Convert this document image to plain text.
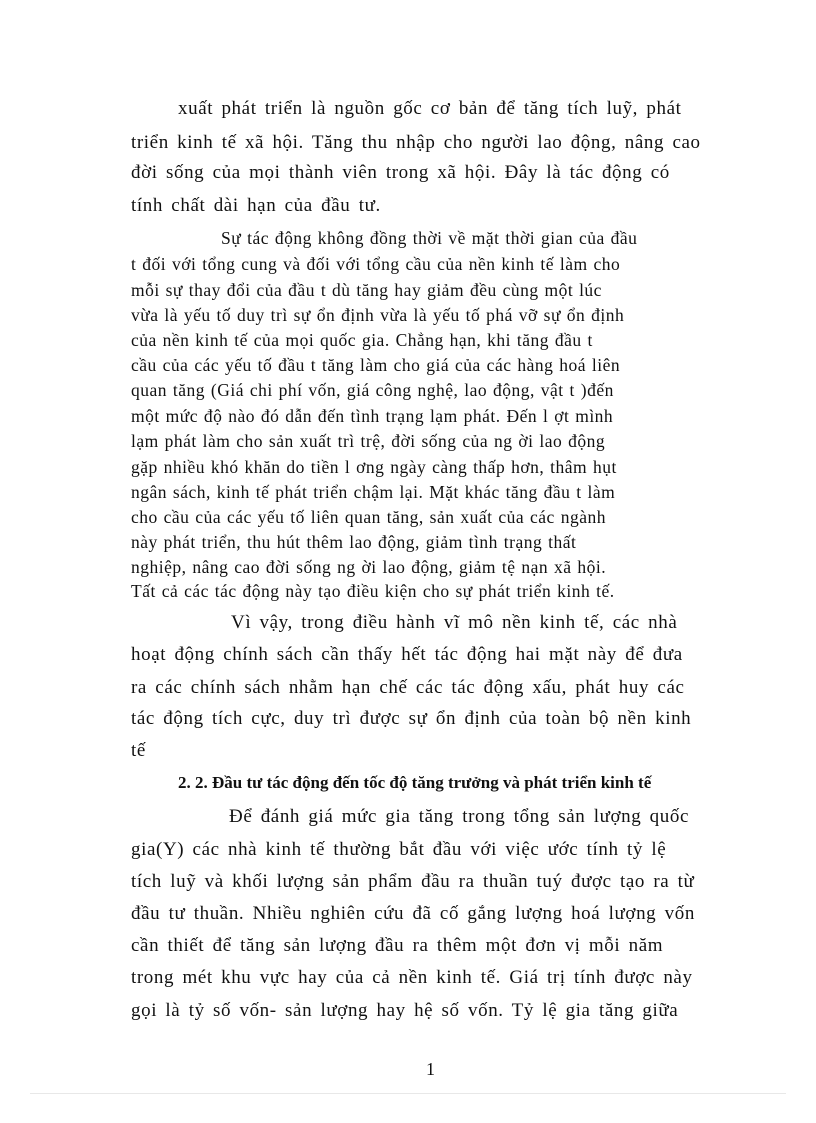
xuất phát triển là nguồn gốc cơ bản để tăng tích luỹ, phát
triển kinh tế xã hội. Tăng thu nhập cho người lao động, nâng cao
đời sống của mọi thành viên trong xã hội. Đây là tác động có
tính chất dài hạn của đầu tư.
Sự tác động không đồng thời về mặt thời gian của đầu
t đối với tổng cung và đối với tổng cầu của nền kinh tế làm cho
mỗi sự thay đổi của đầu t dù tăng hay giảm đều cùng một lúc
vừa là yếu tố duy trì sự ổn định vừa là yếu tố phá vỡ sự ổn định
của nền kinh tế của mọi quốc gia. Chẳng hạn, khi tăng đầu t
cầu của các yếu tố đầu t tăng làm cho giá của các hàng hoá liên
quan tăng (Giá chi phí vốn, giá công nghệ, lao động, vật t )đến
một mức độ nào đó dẫn đến tình trạng lạm phát. Đến l ợt mình
lạm phát làm cho sản xuất trì trệ, đời sống của ng ời lao động
gặp nhiều khó khăn do tiền l ơng ngày càng thấp hơn, thâm hụt
ngân sách, kinh tế phát triển chậm lại. Mặt khác tăng đầu t làm
cho cầu của các yếu tố liên quan tăng, sản xuất của các ngành
này phát triển, thu hút thêm lao động, giảm tình trạng thất
nghiệp, nâng cao đời sống ng ời lao động, giảm tệ nạn xã hội.
Tất cả các tác động này tạo điều kiện cho sự phát triển kinh tế.
Vì vậy, trong điều hành vĩ mô nền kinh tế, các nhà
hoạt động chính sách cần thấy hết tác động hai mặt này để đưa
ra các chính sách nhằm hạn chế các tác động xấu, phát huy các
tác động tích cực, duy trì được sự ổn định của toàn bộ nền kinh
tế
2. 2. Đầu tư tác động đến tốc độ tăng trưởng và phát triển kinh tế
Để đánh giá mức gia tăng trong tổng sản lượng quốc
gia(Y) các nhà kinh tế thường bắt đầu với việc ước tính tỷ lệ
tích luỹ và khối lượng sản phẩm đầu ra thuần tuý được tạo ra từ
đầu tư thuần. Nhiều nghiên cứu đã cố gắng lượng hoá lượng vốn
cần thiết để tăng sản lượng đầu ra thêm một đơn vị mỗi năm
trong mét khu vực hay của cả nền kinh tế. Giá trị tính được này
gọi là tỷ số vốn- sản lượng hay hệ số vốn. Tỷ lệ gia tăng giữa
1
